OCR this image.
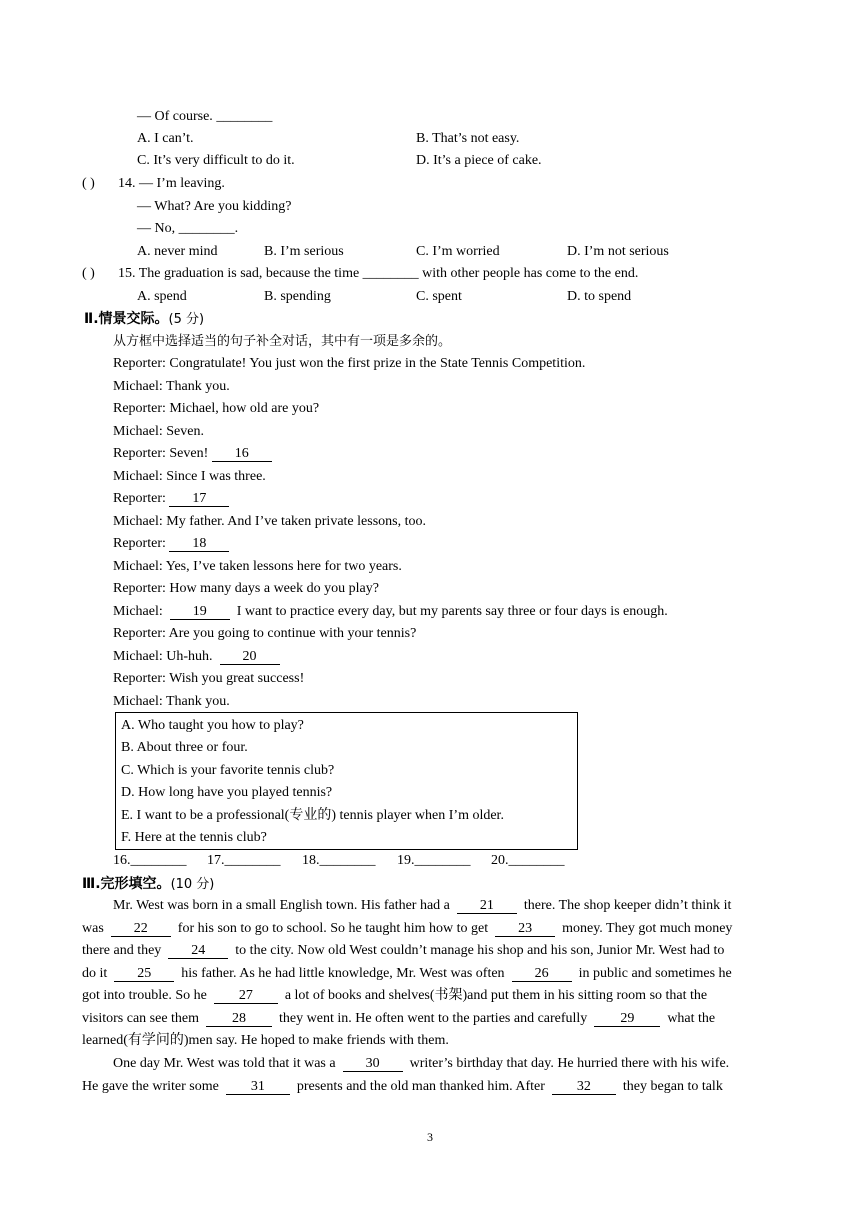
— Of course. ________
A. I can’t.	B. That’s not easy.
C. It’s very difficult to do it.	D. It’s a piece of cake.
( ) 14. — I’m leaving.
— What? Are you kidding?
— No, ________.
A. never mind	B. I’m serious	C. I’m worried	D. I’m not serious
( ) 15. The graduation is sad, because the time ________ with other people has come to the end.
A. spend	B. spending	C. spent	D. to spend
Ⅱ.情景交际。(5 分)
从方框中选择适当的句子补全对话，其中有一项是多余的。
Reporter: Congratulate! You just won the first prize in the State Tennis Competition.
Michael: Thank you.
Reporter: Michael, how old are you?
Michael: Seven.
Reporter: Seven! 16
Michael: Since I was three.
Reporter: 17
Michael: My father. And I’ve taken private lessons, too.
Reporter: 18
Michael: Yes, I’ve taken lessons here for two years.
Reporter: How many days a week do you play?
Michael: 19 I want to practice every day, but my parents say three or four days is enough.
Reporter: Are you going to continue with your tennis?
Michael: Uh-huh. 20
Reporter: Wish you great success!
Michael: Thank you.
A. Who taught you how to play?
B. About three or four.
C. Which is your favorite tennis club?
D. How long have you played tennis?
E. I want to be a professional(专业的) tennis player when I’m older.
F. Here at the tennis club?
16.________ 17.________ 18.________ 19.________ 20.________
Ⅲ.完形填空。(10 分)
Mr. West was born in a small English town. His father had a 21 there. The shop keeper didn’t think it
was 22 for his son to go to school. So he taught him how to get 23 money. They got much money
there and they 24 to the city. Now old West couldn’t manage his shop and his son, Junior Mr. West had to
do it 25 his father. As he had little knowledge, Mr. West was often 26 in public and sometimes he
got into trouble. So he 27 a lot of books and shelves(书架)and put them in his sitting room so that the
visitors can see them 28 they went in. He often went to the parties and carefully 29 what the
learned(有学问的)men say. He hoped to make friends with them.
One day Mr. West was told that it was a 30 writer’s birthday that day. He hurried there with his wife.
He gave the writer some 31 presents and the old man thanked him. After 32 they began to talk
3
